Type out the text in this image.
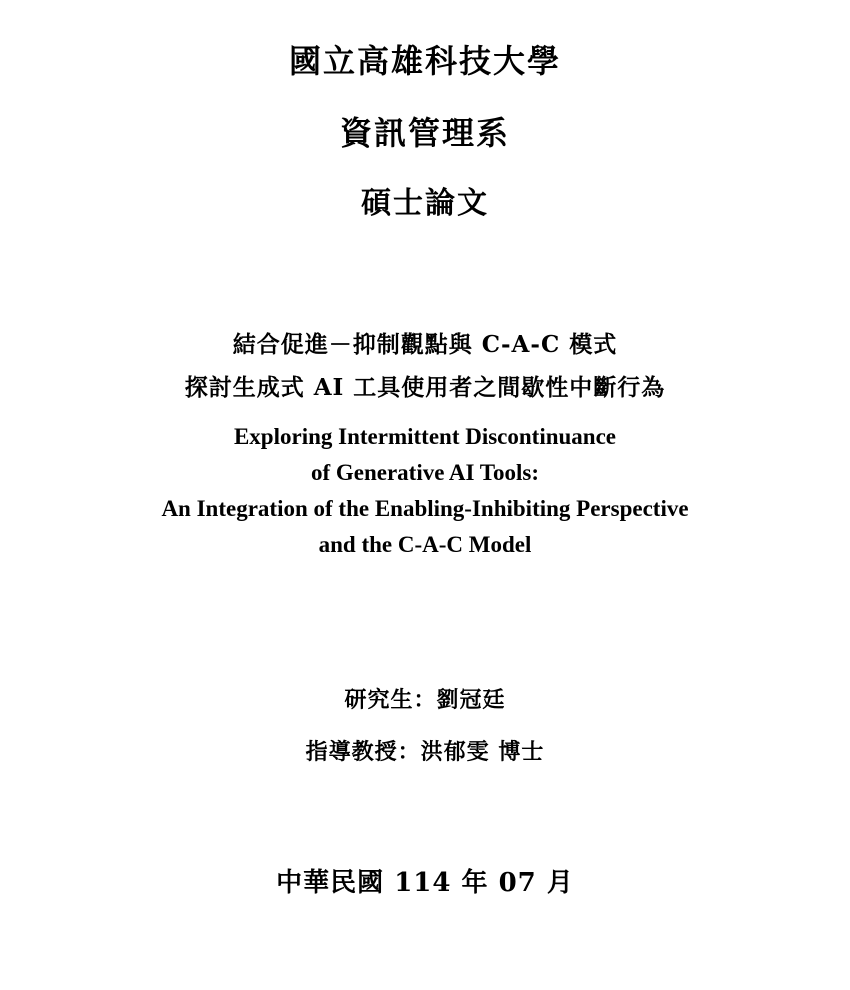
國立高雄科技大學
資訊管理系
碩士論文
結合促進－抑制觀點與 C-A-C 模式
探討生成式 AI 工具使用者之間歇性中斷行為
Exploring Intermittent Discontinuance
of Generative AI Tools:
An Integration of the Enabling-Inhibiting Perspective
and the C-A-C Model
研究生：劉冠廷
指導教授：洪郁雯 博士
中華民國 114 年 07 月
